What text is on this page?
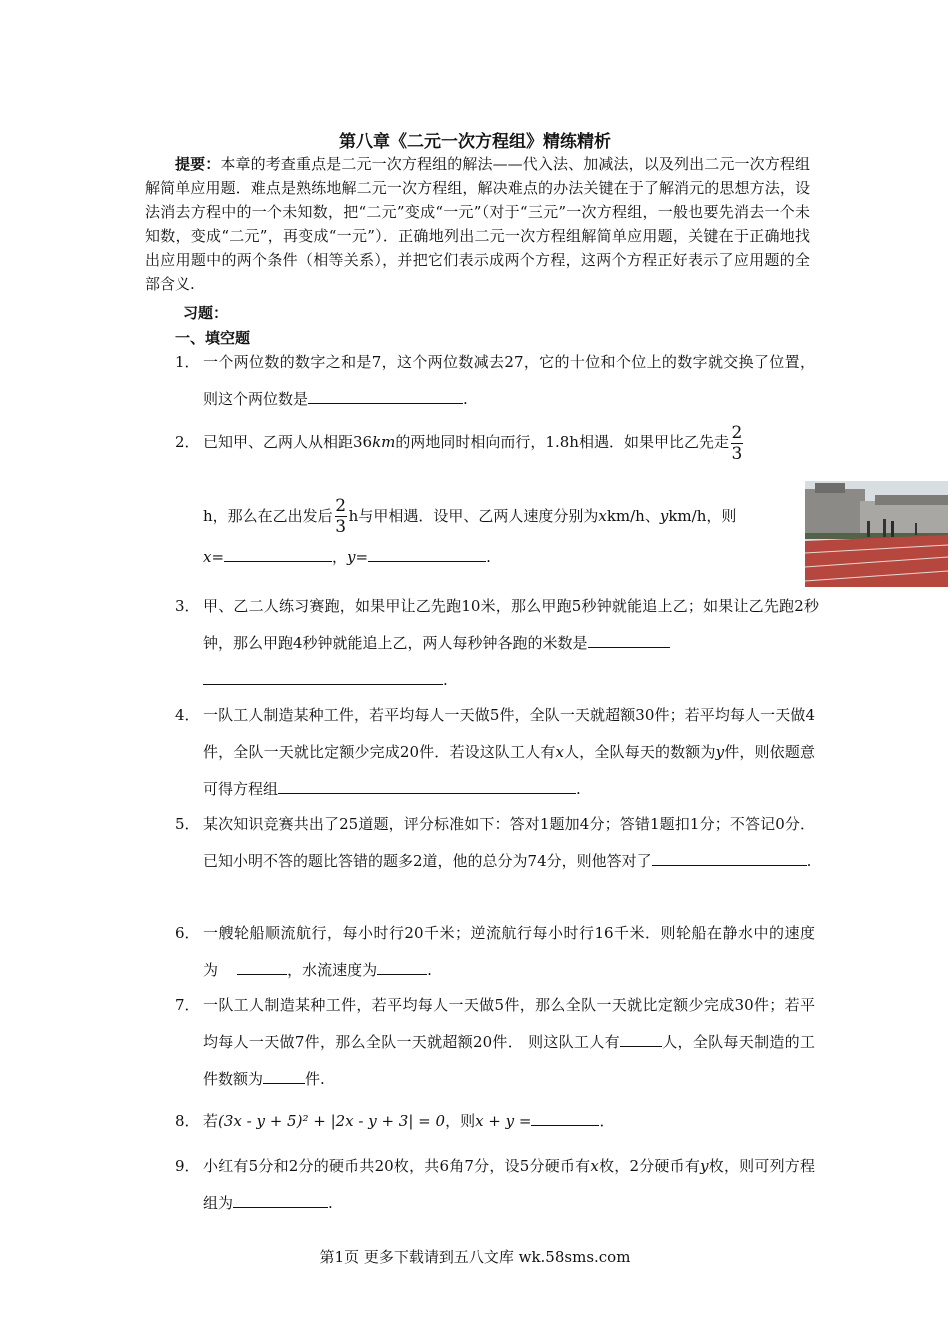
第八章《二元一次方程组》精练精析
提要：本章的考查重点是二元一次方程组的解法——代入法、加减法，以及列出二元一次方程组解简单应用题．难点是熟练地解二元一次方程组，解决难点的办法关键在于了解消元的思想方法，设法消去方程中的一个未知数，把“二元”变成“一元”（对于“三元”一次方程组，一般也要先消去一个未知数，变成“二元”，再变成“一元”）．正确地列出二元一次方程组解简单应用题，关键在于正确地找出应用题中的两个条件（相等关系），并把它们表示成两个方程，这两个方程正好表示了应用题的全部含义.
习题：
一、填空题
1． 一个两位数的数字之和是7，这个两位数减去27，它的十位和个位上的数字就交换了位置，则这个两位数是	.
2． 已知甲、乙两人从相距36km的两地同时相向而行，1.8h相遇．如果甲比乙先走 $\frac{2}{3}$
h，那么在乙出发后 $\frac{2}{3}$ h与甲相遇．设甲、乙两人速度分别为xkm/h、ykm/h，则
x=	，y=	.
3． 甲、乙二人练习赛跑，如果甲让乙先跑10米，那么甲跑5秒钟就能追上乙；如果让乙先跑2秒钟，那么甲跑4秒钟就能追上乙，两人每秒钟各跑的米数是
.
4． 一队工人制造某种工件，若平均每人一天做5件，全队一天就超额30件；若平均每人一天做4件，全队一天就比定额少完成20件．若设这队工人有x人，全队每天的数额为y件，则依题意可得方程组	.
5． 某次知识竞赛共出了25道题，评分标准如下：答对1题加4分；答错1题扣1分；不答记0分．已知小明不答的题比答错的题多2道，他的总分为74分，则他答对了	.
6． 一艘轮船顺流航行，每小时行20千米；逆流航行每小时行16千米．则轮船在静水中的速度为	，水流速度为	.
7． 一队工人制造某种工件，若平均每人一天做5件，那么全队一天就比定额少完成30件；若平均每人一天做7件，那么全队一天就超额20件． 则这队工人有	人，全队每天制造的工件数额为	件.
8． 若(3x - y + 5)² + |2x - y + 3| = 0，则x + y =	．
9． 小红有5分和2分的硬币共20枚，共6角7分，设5分硬币有x枚，2分硬币有y枚，则可列方程组为	.
第1页 更多下载请到五八文库 wk.58sms.com
